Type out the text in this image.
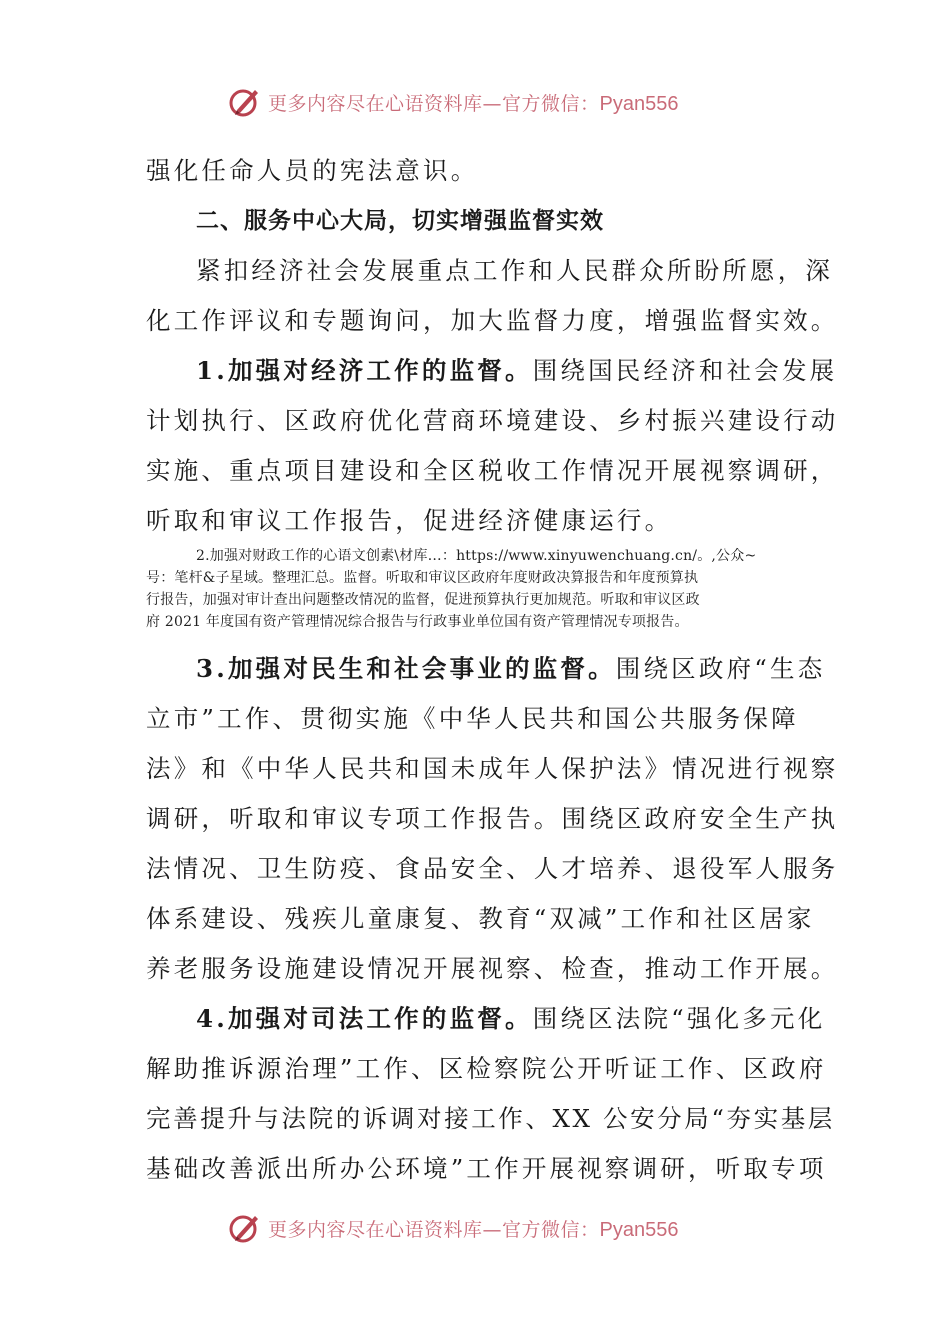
更多内容尽在心语资料库—官方微信：Pyan556
强化任命人员的宪法意识。
二、服务中心大局，切实增强监督实效
紧扣经济社会发展重点工作和人民群众所盼所愿，深
化工作评议和专题询问，加大监督力度，增强监督实效。
1.加强对经济工作的监督。围绕国民经济和社会发展
计划执行、区政府优化营商环境建设、乡村振兴建设行动
实施、重点项目建设和全区税收工作情况开展视察调研，
听取和审议工作报告，促进经济健康运行。
2.加强对财政工作的心语文创素\材库…：https://www.xinyuwenchuang.cn/。,公众~
号：笔杆&子星域。整理汇总。监督。听取和审议区政府年度财政决算报告和年度预算执
行报告，加强对审计查出问题整改情况的监督，促进预算执行更加规范。听取和审议区政
府 2021 年度国有资产管理情况综合报告与行政事业单位国有资产管理情况专项报告。
3.加强对民生和社会事业的监督。围绕区政府“生态
立市”工作、贯彻实施《中华人民共和国公共服务保障
法》和《中华人民共和国未成年人保护法》情况进行视察
调研，听取和审议专项工作报告。围绕区政府安全生产执
法情况、卫生防疫、食品安全、人才培养、退役军人服务
体系建设、残疾儿童康复、教育“双减”工作和社区居家
养老服务设施建设情况开展视察、检查，推动工作开展。
4.加强对司法工作的监督。围绕区法院“强化多元化
解助推诉源治理”工作、区检察院公开听证工作、区政府
完善提升与法院的诉调对接工作、XX 公安分局“夯实基层
基础改善派出所办公环境”工作开展视察调研，听取专项
更多内容尽在心语资料库—官方微信：Pyan556
